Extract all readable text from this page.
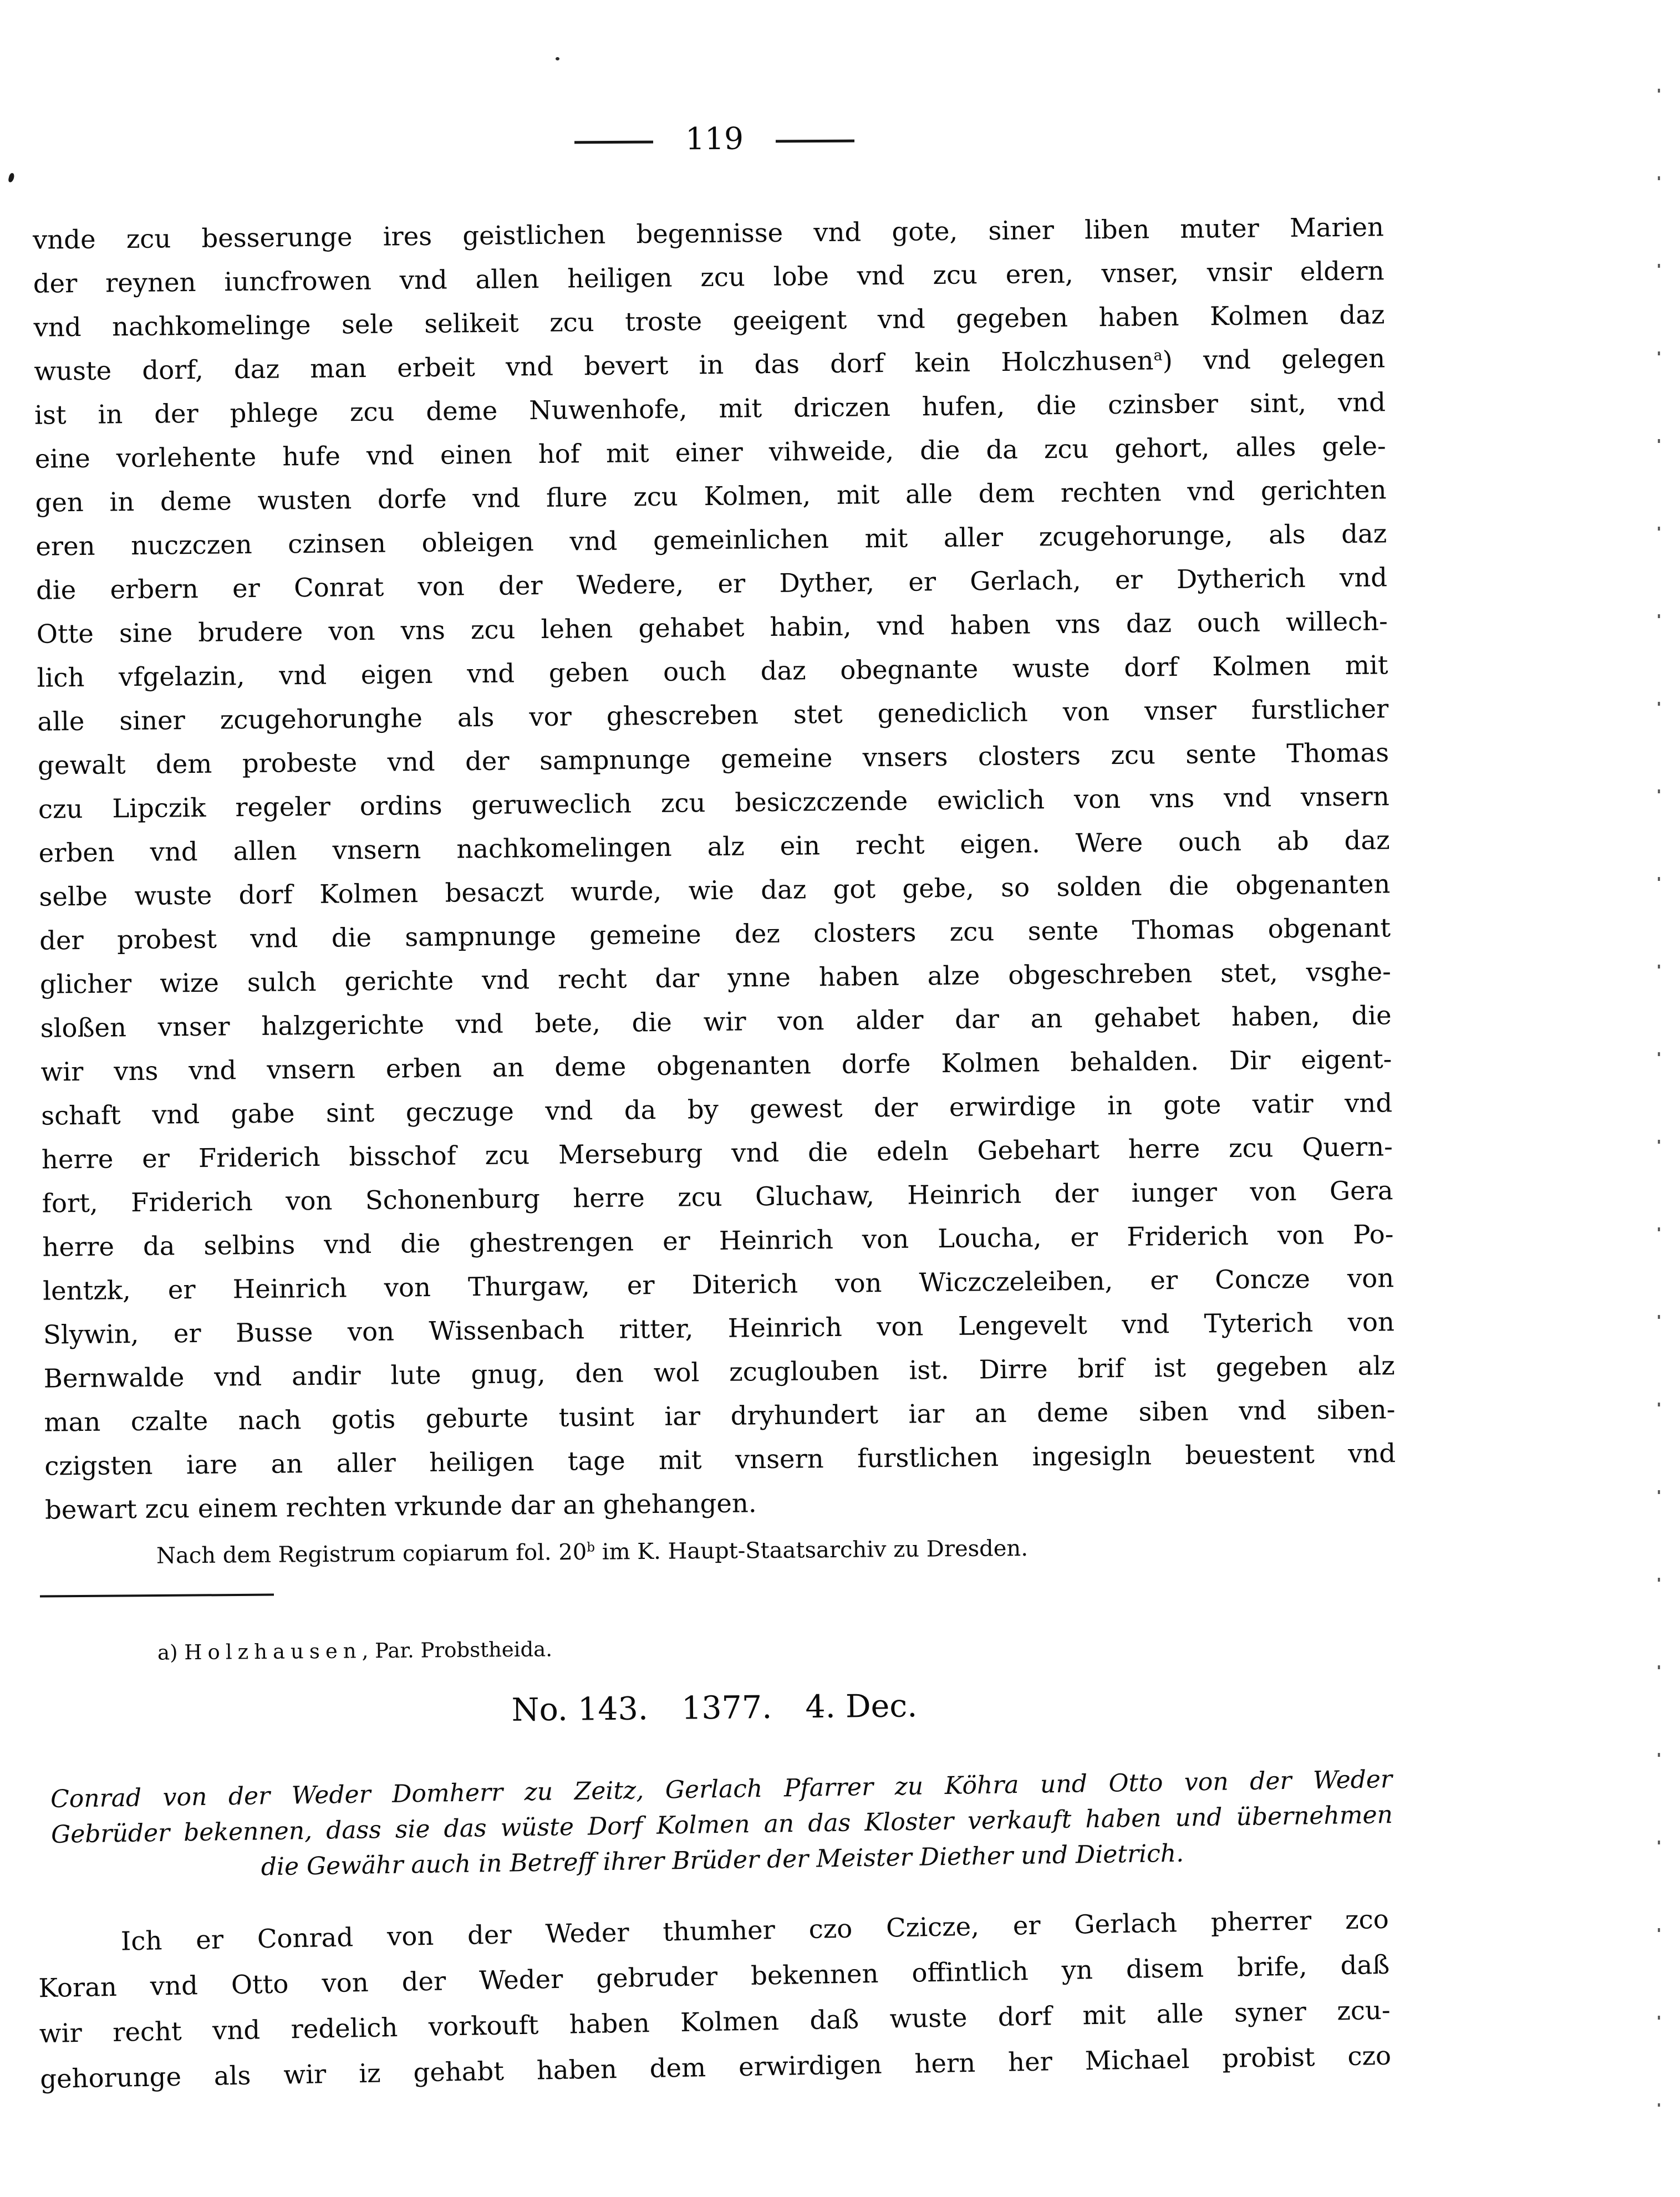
119
vnde zcu besserunge ires geistlichen begennisse vnd gote, siner liben muter Marien
der reynen iuncfrowen vnd allen heiligen zcu lobe vnd zcu eren, vnser, vnsir eldern
vnd nachkomelinge sele selikeit zcu troste geeigent vnd gegeben haben Kolmen daz
wuste dorf, daz man erbeit vnd bevert in das dorf kein Holczhusen$^a$) vnd gelegen
ist in der phlege zcu deme Nuwenhofe, mit driczen hufen, die czinsber sint, vnd
eine vorlehente hufe vnd einen hof mit einer vihweide, die da zcu gehort, alles gele-
gen in deme wusten dorfe vnd flure zcu Kolmen, mit alle dem rechten vnd gerichten
eren nuczczen czinsen obleigen vnd gemeinlichen mit aller zcugehorunge, als daz
die erbern er Conrat von der Wedere, er Dyther, er Gerlach, er Dytherich vnd
Otte sine brudere von vns zcu lehen gehabet habin, vnd haben vns daz ouch willech-
lich vfgelazin, vnd eigen vnd geben ouch daz obegnante wuste dorf Kolmen mit
alle siner zcugehorunghe als vor ghescreben stet genediclich von vnser furstlicher
gewalt dem probeste vnd der sampnunge gemeine vnsers closters zcu sente Thomas
czu Lipczik regeler ordins geruweclich zcu besiczczende ewiclich von vns vnd vnsern
erben vnd allen vnsern nachkomelingen alz ein recht eigen. Were ouch ab daz
selbe wuste dorf Kolmen besaczt wurde, wie daz got gebe, so solden die obgenanten
der probest vnd die sampnunge gemeine dez closters zcu sente Thomas obgenant
glicher wize sulch gerichte vnd recht dar ynne haben alze obgeschreben stet, vsghe-
sloßen vnser halzgerichte vnd bete, die wir von alder dar an gehabet haben, die
wir vns vnd vnsern erben an deme obgenanten dorfe Kolmen behalden. Dir eigent-
schaft vnd gabe sint geczuge vnd da by gewest der erwirdige in gote vatir vnd
herre er Friderich bisschof zcu Merseburg vnd die edeln Gebehart herre zcu Quern-
fort, Friderich von Schonenburg herre zcu Gluchaw, Heinrich der iunger von Gera
herre da selbins vnd die ghestrengen er Heinrich von Loucha, er Friderich von Po-
lentzk, er Heinrich von Thurgaw, er Diterich von Wiczczeleiben, er Concze von
Slywin, er Busse von Wissenbach ritter, Heinrich von Lengevelt vnd Tyterich von
Bernwalde vnd andir lute gnug, den wol zcuglouben ist. Dirre brif ist gegeben alz
man czalte nach gotis geburte tusint iar dryhundert iar an deme siben vnd siben-
czigsten iare an aller heiligen tage mit vnsern furstlichen ingesigln beuestent vnd
bewart zcu einem rechten vrkunde dar an ghehangen.
Nach dem Registrum copiarum fol. 20$^b$ im K. Haupt-Staatsarchiv zu Dresden.
a) Holzhausen, Par. Probstheida.
No. 143. 1377. 4. Dec.
Conrad von der Weder Domherr zu Zeitz, Gerlach Pfarrer zu Köhra und Otto von der Weder
Gebrüder bekennen, dass sie das wüste Dorf Kolmen an das Kloster verkauft haben und übernehmen
die Gewähr auch in Betreff ihrer Brüder der Meister Diether und Dietrich.
Ich er Conrad von der Weder thumher czo Czicze, er Gerlach pherrer zco
Koran vnd Otto von der Weder gebruder bekennen offintlich yn disem brife, daß
wir recht vnd redelich vorkouft haben Kolmen daß wuste dorf mit alle syner zcu-
gehorunge als wir iz gehabt haben dem erwirdigen hern her Michael probist czo
